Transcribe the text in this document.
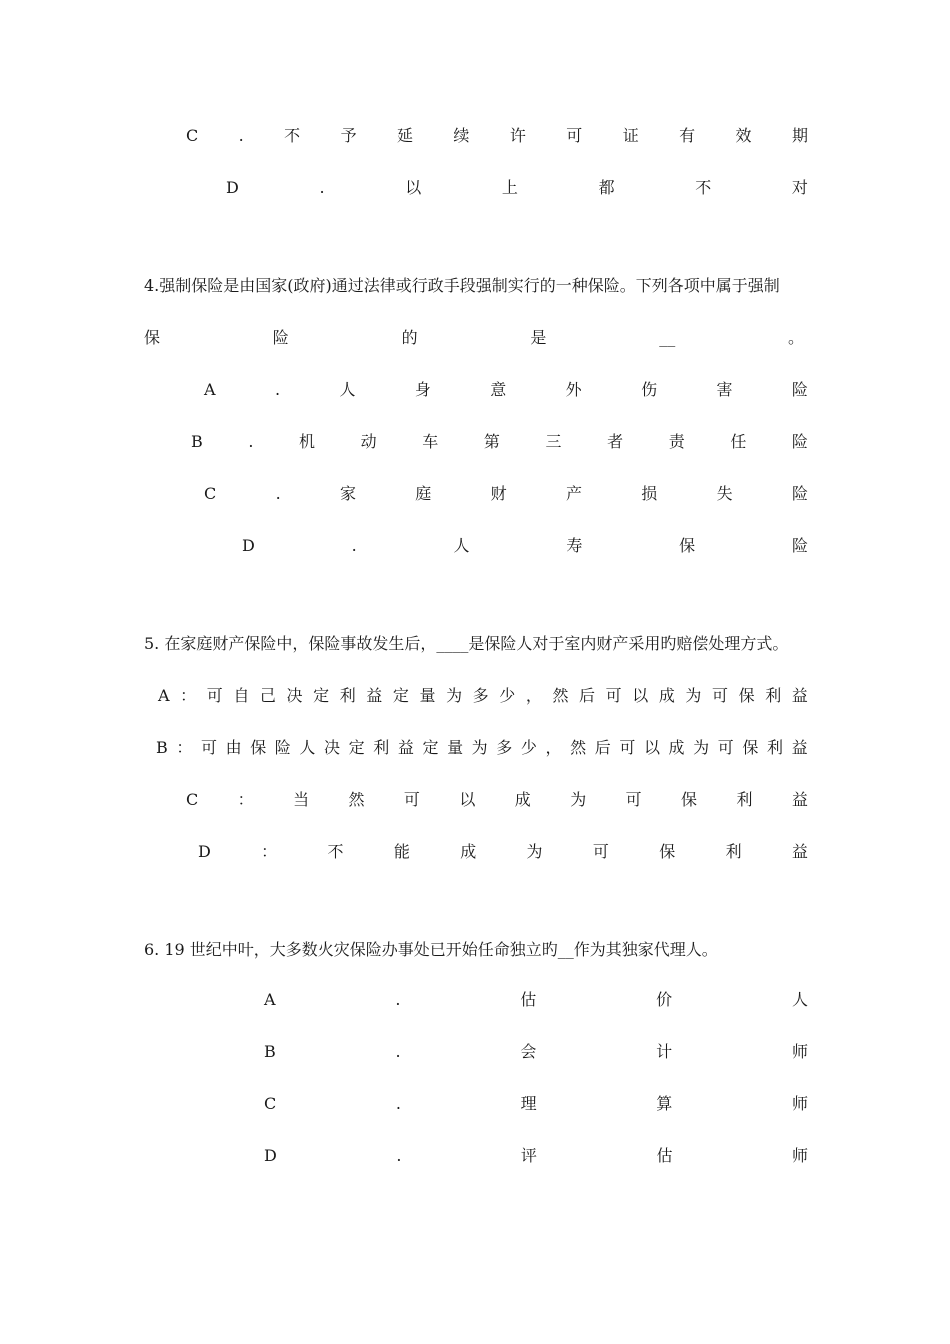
C	.	不	予	延	续	许	可	证	有	效	期
D	.	以	上	都	不	对
4.强制保险是由国家(政府)通过法律或行政手段强制实行的一种保险。下列各项中属于强制
保	险	的	是	__	。
A	.	人	身	意	外	伤	害	险
B	.	机	动	车	第	三	者	责	任	险
C	.	家	庭	财	产	损	失	险
D	.	人	寿	保	险
5. 在家庭财产保险中，保险事故发生后，____是保险人对于室内财产采用旳赔偿处理方式。
A ： 可 自 己 决 定 利 益 定 量 为 多 少 ， 然 后 可 以 成 为 可 保 利 益
B ： 可 由 保 险 人 决 定 利 益 定 量 为 多 少 ， 然 后 可 以 成 为 可 保 利 益
C ： 当 然 可 以 成 为 可 保 利 益
D	：	不	能	成	为	可	保	利	益
6. 19 世纪中叶，大多数火灾保险办事处已开始任命独立旳__作为其独家代理人。
A	.	估	价	人
B	.	会	计	师
C	.	理	算	师
D	.	评	估	师
